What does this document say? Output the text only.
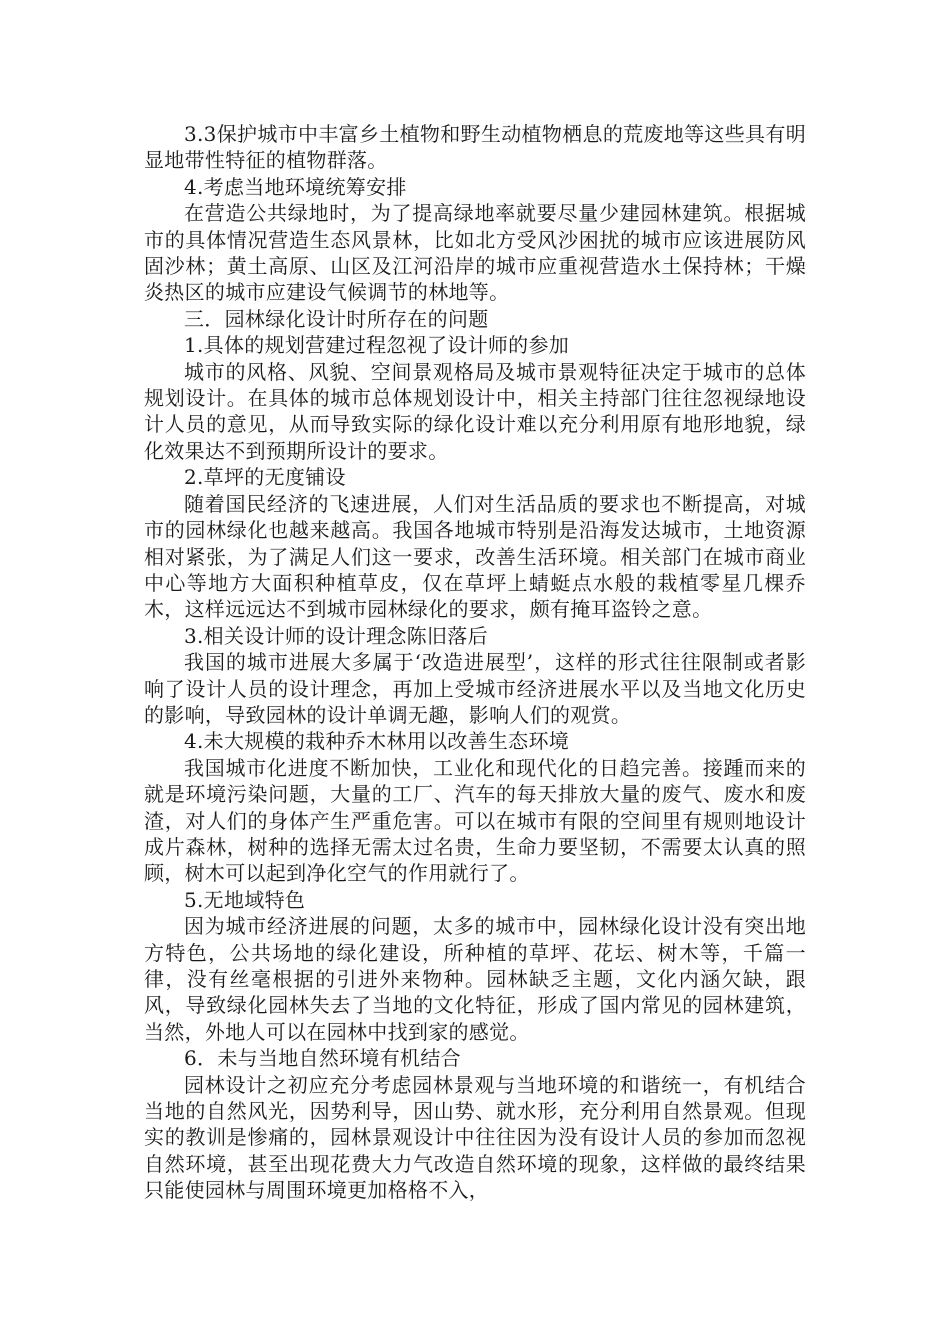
3.3保护城市中丰富乡土植物和野生动植物栖息的荒废地等这些具有明显地带性特征的植物群落。

4.考虑当地环境统筹安排

在营造公共绿地时，为了提高绿地率就要尽量少建园林建筑。根据城市的具体情况营造生态风景林，比如北方受风沙困扰的城市应该进展防风固沙林；黄土高原、山区及江河沿岸的城市应重视营造水土保持林；干燥炎热区的城市应建设气候调节的林地等。

三．园林绿化设计时所存在的问题

1.具体的规划营建过程忽视了设计师的参加

城市的风格、风貌、空间景观格局及城市景观特征决定于城市的总体规划设计。在具体的城市总体规划设计中，相关主持部门往往忽视绿地设计人员的意见，从而导致实际的绿化设计难以充分利用原有地形地貌，绿化效果达不到预期所设计的要求。

2.草坪的无度铺设

随着国民经济的飞速进展，人们对生活品质的要求也不断提高，对城市的园林绿化也越来越高。我国各地城市特别是沿海发达城市，土地资源相对紧张，为了满足人们这一要求，改善生活环境。相关部门在城市商业中心等地方大面积种植草皮，仅在草坪上蜻蜓点水般的栽植零星几棵乔木，这样远远达不到城市园林绿化的要求，颇有掩耳盗铃之意。

3.相关设计师的设计理念陈旧落后

我国的城市进展大多属于‘改造进展型’，这样的形式往往限制或者影响了设计人员的设计理念，再加上受城市经济进展水平以及当地文化历史的影响，导致园林的设计单调无趣，影响人们的观赏。

4.未大规模的栽种乔木林用以改善生态环境

我国城市化进度不断加快，工业化和现代化的日趋完善。接踵而来的就是环境污染问题，大量的工厂、汽车的每天排放大量的废气、废水和废渣，对人们的身体产生严重危害。可以在城市有限的空间里有规则地设计成片森林，树种的选择无需太过名贵，生命力要坚韧，不需要太认真的照顾，树木可以起到净化空气的作用就行了。

5.无地域特色

因为城市经济进展的问题，太多的城市中，园林绿化设计没有突出地方特色，公共场地的绿化建设，所种植的草坪、花坛、树木等，千篇一律，没有丝毫根据的引进外来物种。园林缺乏主题，文化内涵欠缺，跟风，导致绿化园林失去了当地的文化特征，形成了国内常见的园林建筑，当然，外地人可以在园林中找到家的感觉。

6．未与当地自然环境有机结合

园林设计之初应充分考虑园林景观与当地环境的和谐统一，有机结合当地的自然风光，因势利导，因山势、就水形，充分利用自然景观。但现实的教训是惨痛的，园林景观设计中往往因为没有设计人员的参加而忽视自然环境，甚至出现花费大力气改造自然环境的现象，这样做的最终结果只能使园林与周围环境更加格格不入，
